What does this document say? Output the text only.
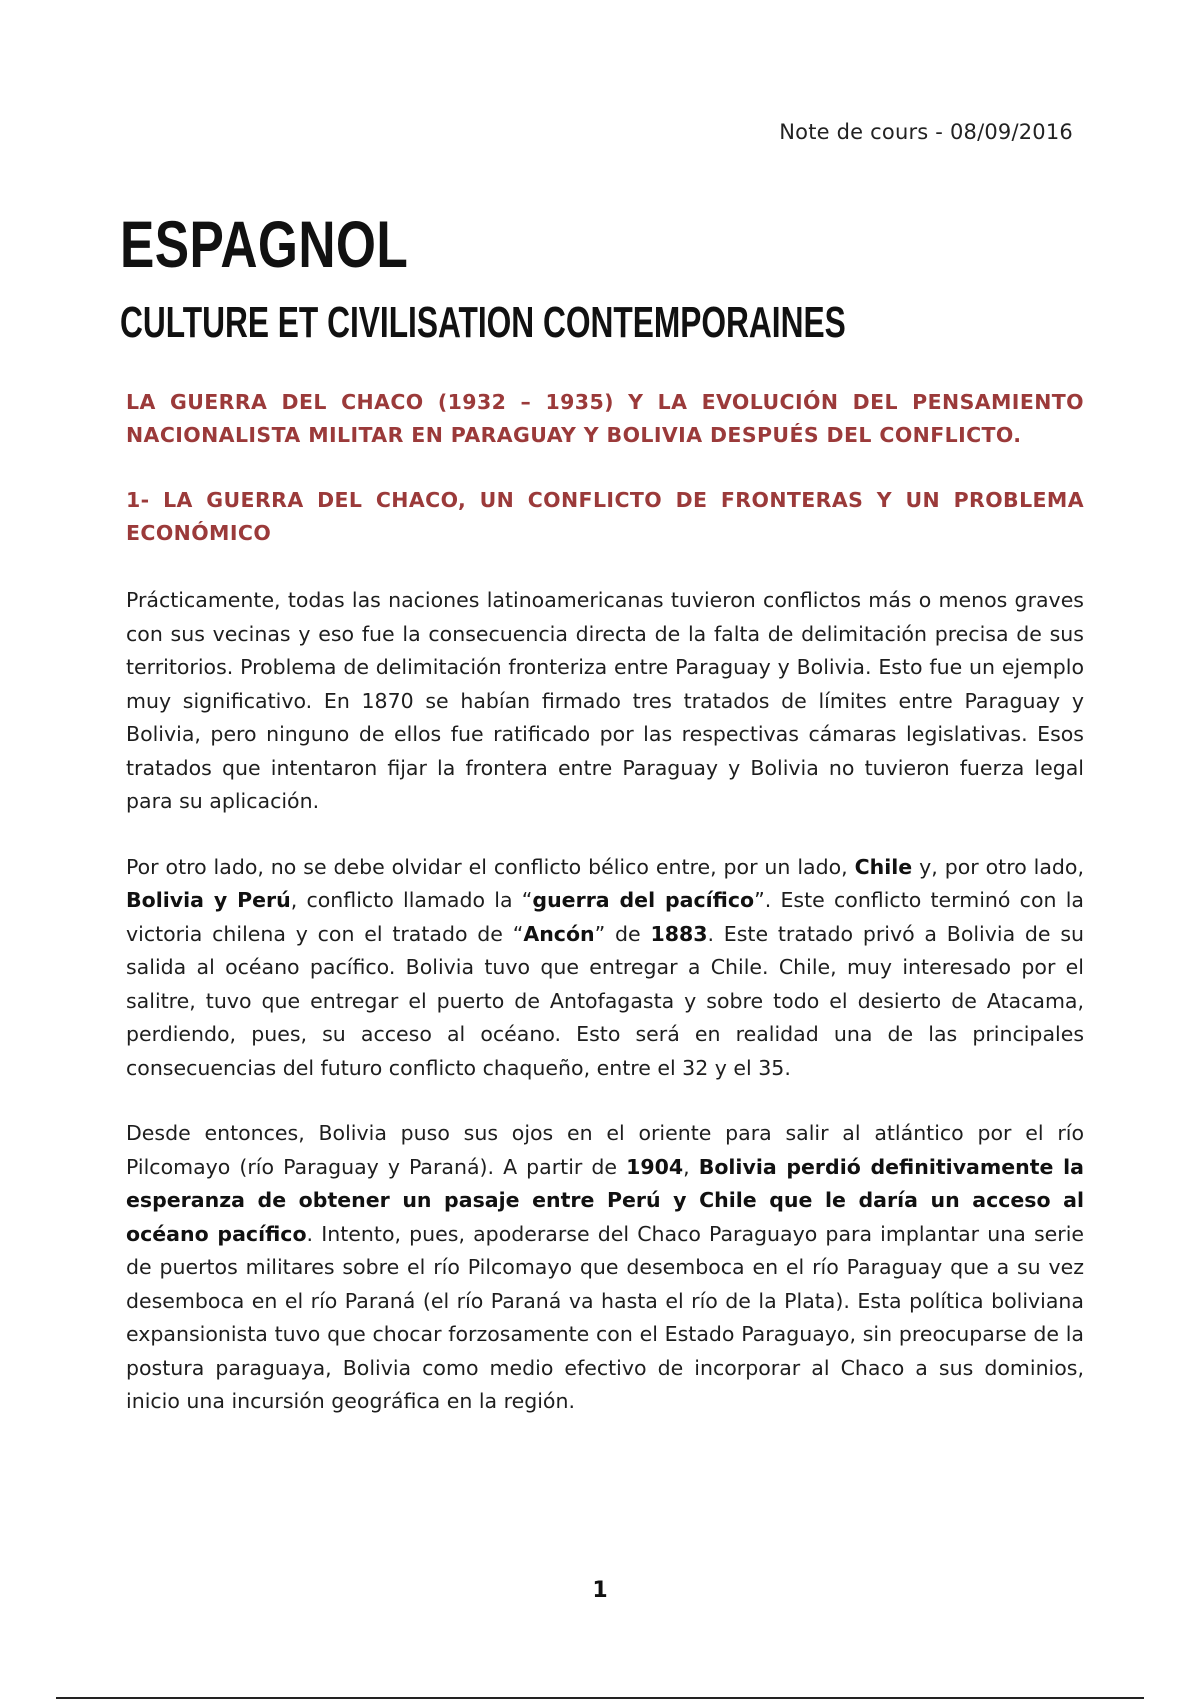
Note de cours - 08/09/2016
ESPAGNOL
CULTURE ET CIVILISATION CONTEMPORAINES

LA GUERRA DEL CHACO (1932 – 1935) Y LA EVOLUCIÓN DEL PENSAMIENTO NACIONALISTA MILITAR EN PARAGUAY Y BOLIVIA DESPUÉS DEL CONFLICTO.

1- LA GUERRA DEL CHACO, UN CONFLICTO DE FRONTERAS Y UN PROBLEMA ECONÓMICO

Prácticamente, todas las naciones latinoamericanas tuvieron conflictos más o menos graves con sus vecinas y eso fue la consecuencia directa de la falta de delimitación precisa de sus territorios. Problema de delimitación fronteriza entre Paraguay y Bolivia. Esto fue un ejemplo muy significativo. En 1870 se habían firmado tres tratados de límites entre Paraguay y Bolivia, pero ninguno de ellos fue ratificado por las respectivas cámaras legislativas. Esos tratados que intentaron fijar la frontera entre Paraguay y Bolivia no tuvieron fuerza legal para su aplicación.

Por otro lado, no se debe olvidar el conflicto bélico entre, por un lado, Chile y, por otro lado, Bolivia y Perú, conflicto llamado la “guerra del pacífico”. Este conflicto terminó con la victoria chilena y con el tratado de “Ancón” de 1883. Este tratado privó a Bolivia de su salida al océano pacífico. Bolivia tuvo que entregar a Chile. Chile, muy interesado por el salitre, tuvo que entregar el puerto de Antofagasta y sobre todo el desierto de Atacama, perdiendo, pues, su acceso al océano. Esto será en realidad una de las principales consecuencias del futuro conflicto chaqueño, entre el 32 y el 35.

Desde entonces, Bolivia puso sus ojos en el oriente para salir al atlántico por el río Pilcomayo (río Paraguay y Paraná). A partir de 1904, Bolivia perdió definitivamente la esperanza de obtener un pasaje entre Perú y Chile que le daría un acceso al océano pacífico. Intento, pues, apoderarse del Chaco Paraguayo para implantar una serie de puertos militares sobre el río Pilcomayo que desemboca en el río Paraguay que a su vez desemboca en el río Paraná (el río Paraná va hasta el río de la Plata). Esta política boliviana expansionista tuvo que chocar forzosamente con el Estado Paraguayo, sin preocuparse de la postura paraguaya, Bolivia como medio efectivo de incorporar al Chaco a sus dominios, inicio una incursión geográfica en la región.

1
